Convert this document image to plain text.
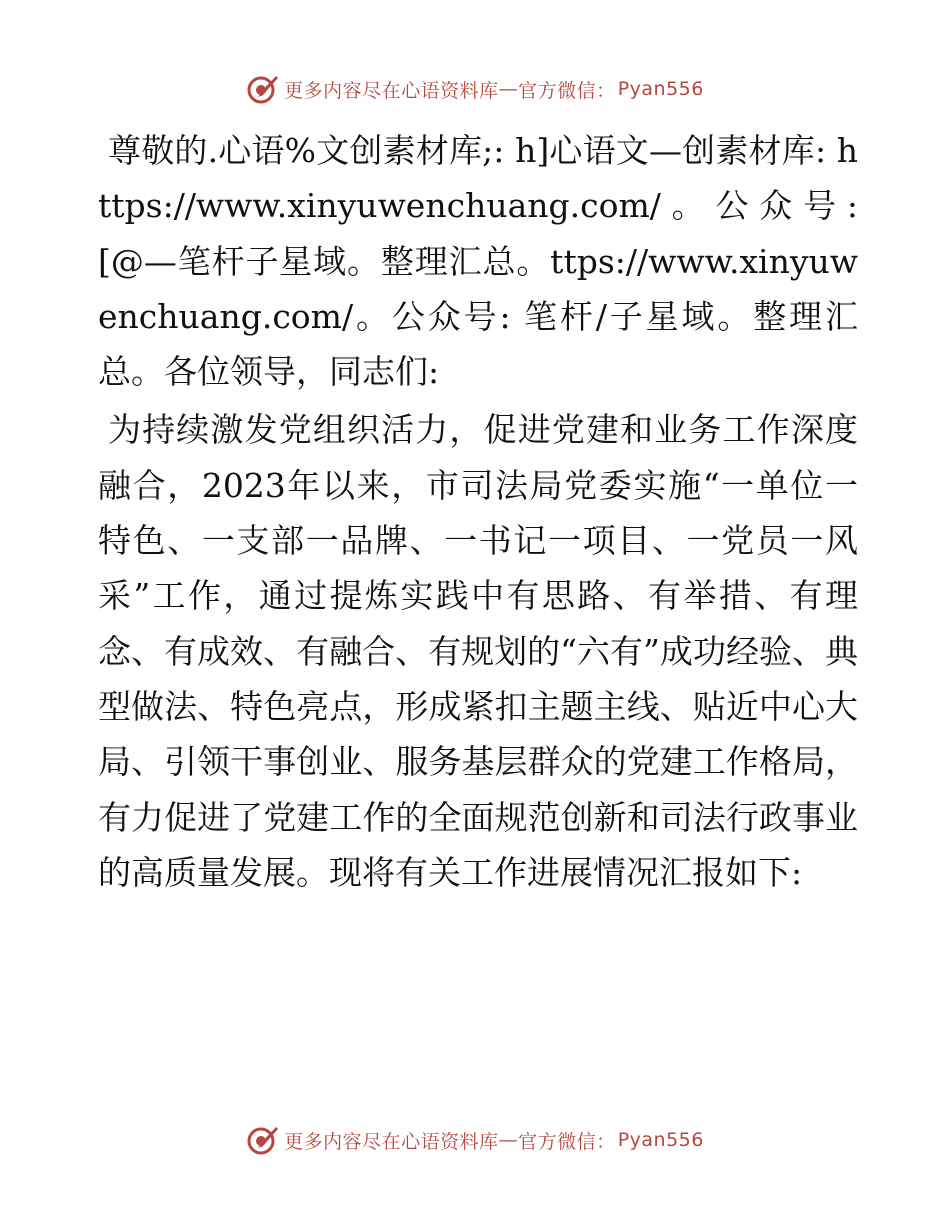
更多内容尽在心语资料库 — 官方微信： Pyan556

尊敬的.心语%文创素材库;: h]心语文—创素材库: https://www.xinyuwenchuang.com/。公众号: [@—笔杆子星域。整理汇总。ttps://www.xinyuwenchuang.com/。公众号: 笔杆/子星域。整理汇总。各位领导，同志们:

为持续激发党组织活力，促进党建和业务工作深度融合，2023年以来，市司法局党委实施“一单位一特色、一支部一品牌、一书记一项目、一党员一风采”工作，通过提炼实践中有思路、有举措、有理念、有成效、有融合、有规划的“六有”成功经验、典型做法、特色亮点，形成紧扣主题主线、贴近中心大局、引领干事创业、服务基层群众的党建工作格局，有力促进了党建工作的全面规范创新和司法行政事业的高质量发展。现将有关工作进展情况汇报如下:

更多内容尽在心语资料库 — 官方微信： Pyan556
